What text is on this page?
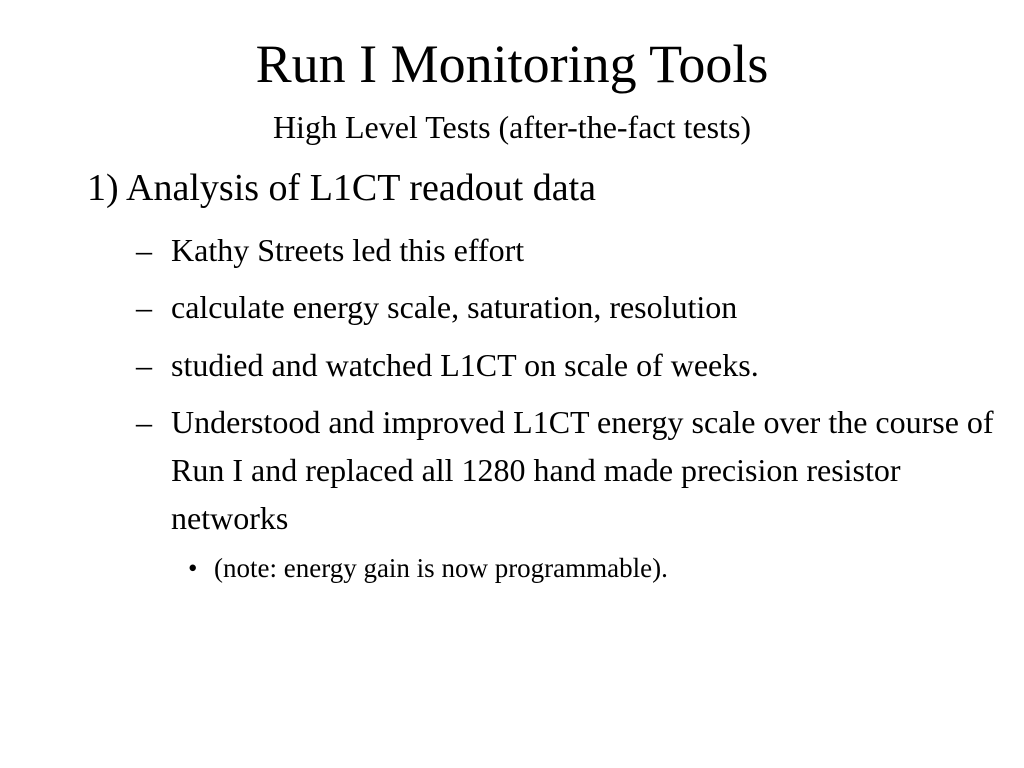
Run I Monitoring Tools
High Level Tests (after-the-fact tests)
1) Analysis of L1CT readout data
– Kathy Streets led this effort
– calculate energy scale, saturation, resolution
– studied and watched L1CT on scale of weeks.
– Understood and improved L1CT energy scale over the course of Run I and replaced all 1280 hand made precision resistor networks
• (note: energy gain is now programmable).
